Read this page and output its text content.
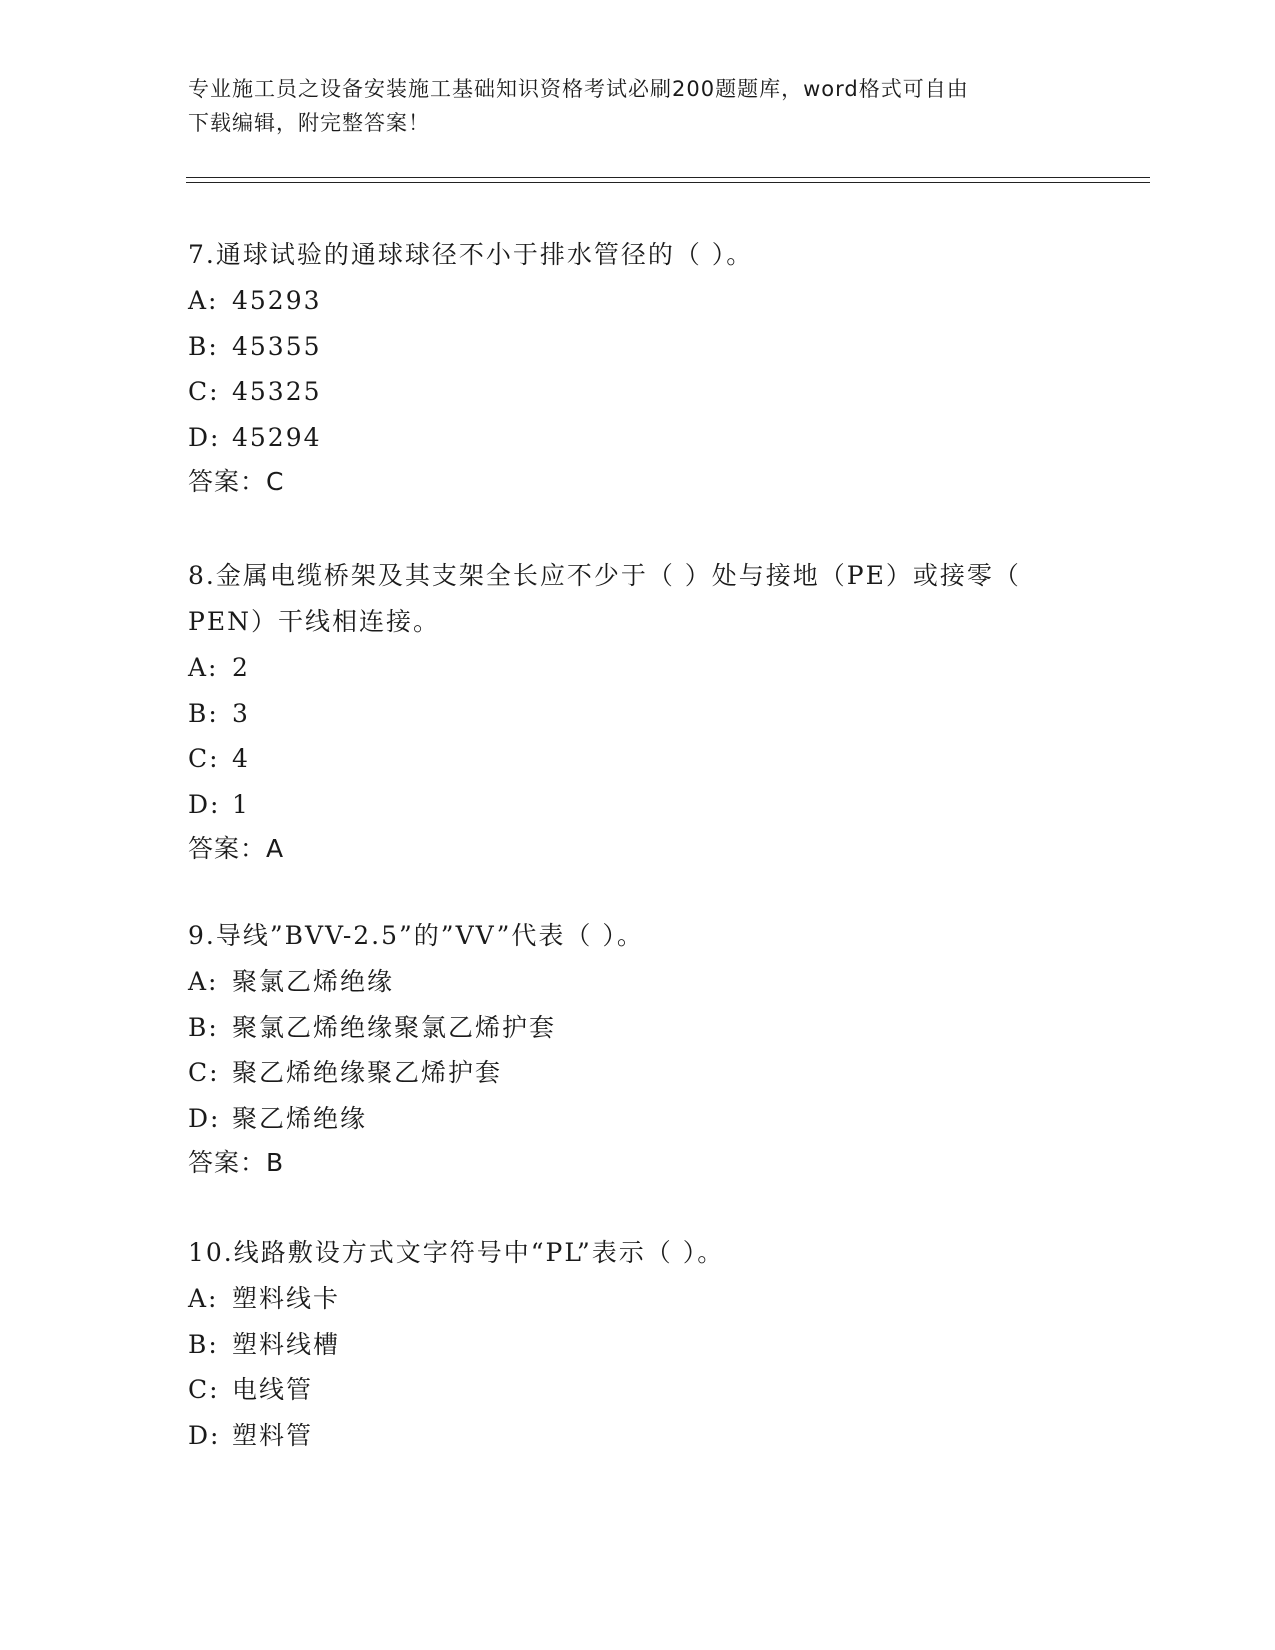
专业施工员之设备安装施工基础知识资格考试必刷200题题库，word格式可自由
下载编辑，附完整答案！

7.通球试验的通球球径不小于排水管径的（ ）。

A: 45293

B: 45355

C: 45325

D: 45294

答案：C

8.金属电缆桥架及其支架全长应不少于（ ）处与接地（PE）或接零（

PEN）干线相连接。

A: 2

B: 3

C: 4

D: 1

答案：A

9.导线”BVV-2.5”的”VV”代表（ ）。

A: 聚氯乙烯绝缘

B: 聚氯乙烯绝缘聚氯乙烯护套

C: 聚乙烯绝缘聚乙烯护套

D: 聚乙烯绝缘

答案：B

10.线路敷设方式文字符号中“PL”表示（ ）。

A: 塑料线卡

B: 塑料线槽

C: 电线管

D: 塑料管
